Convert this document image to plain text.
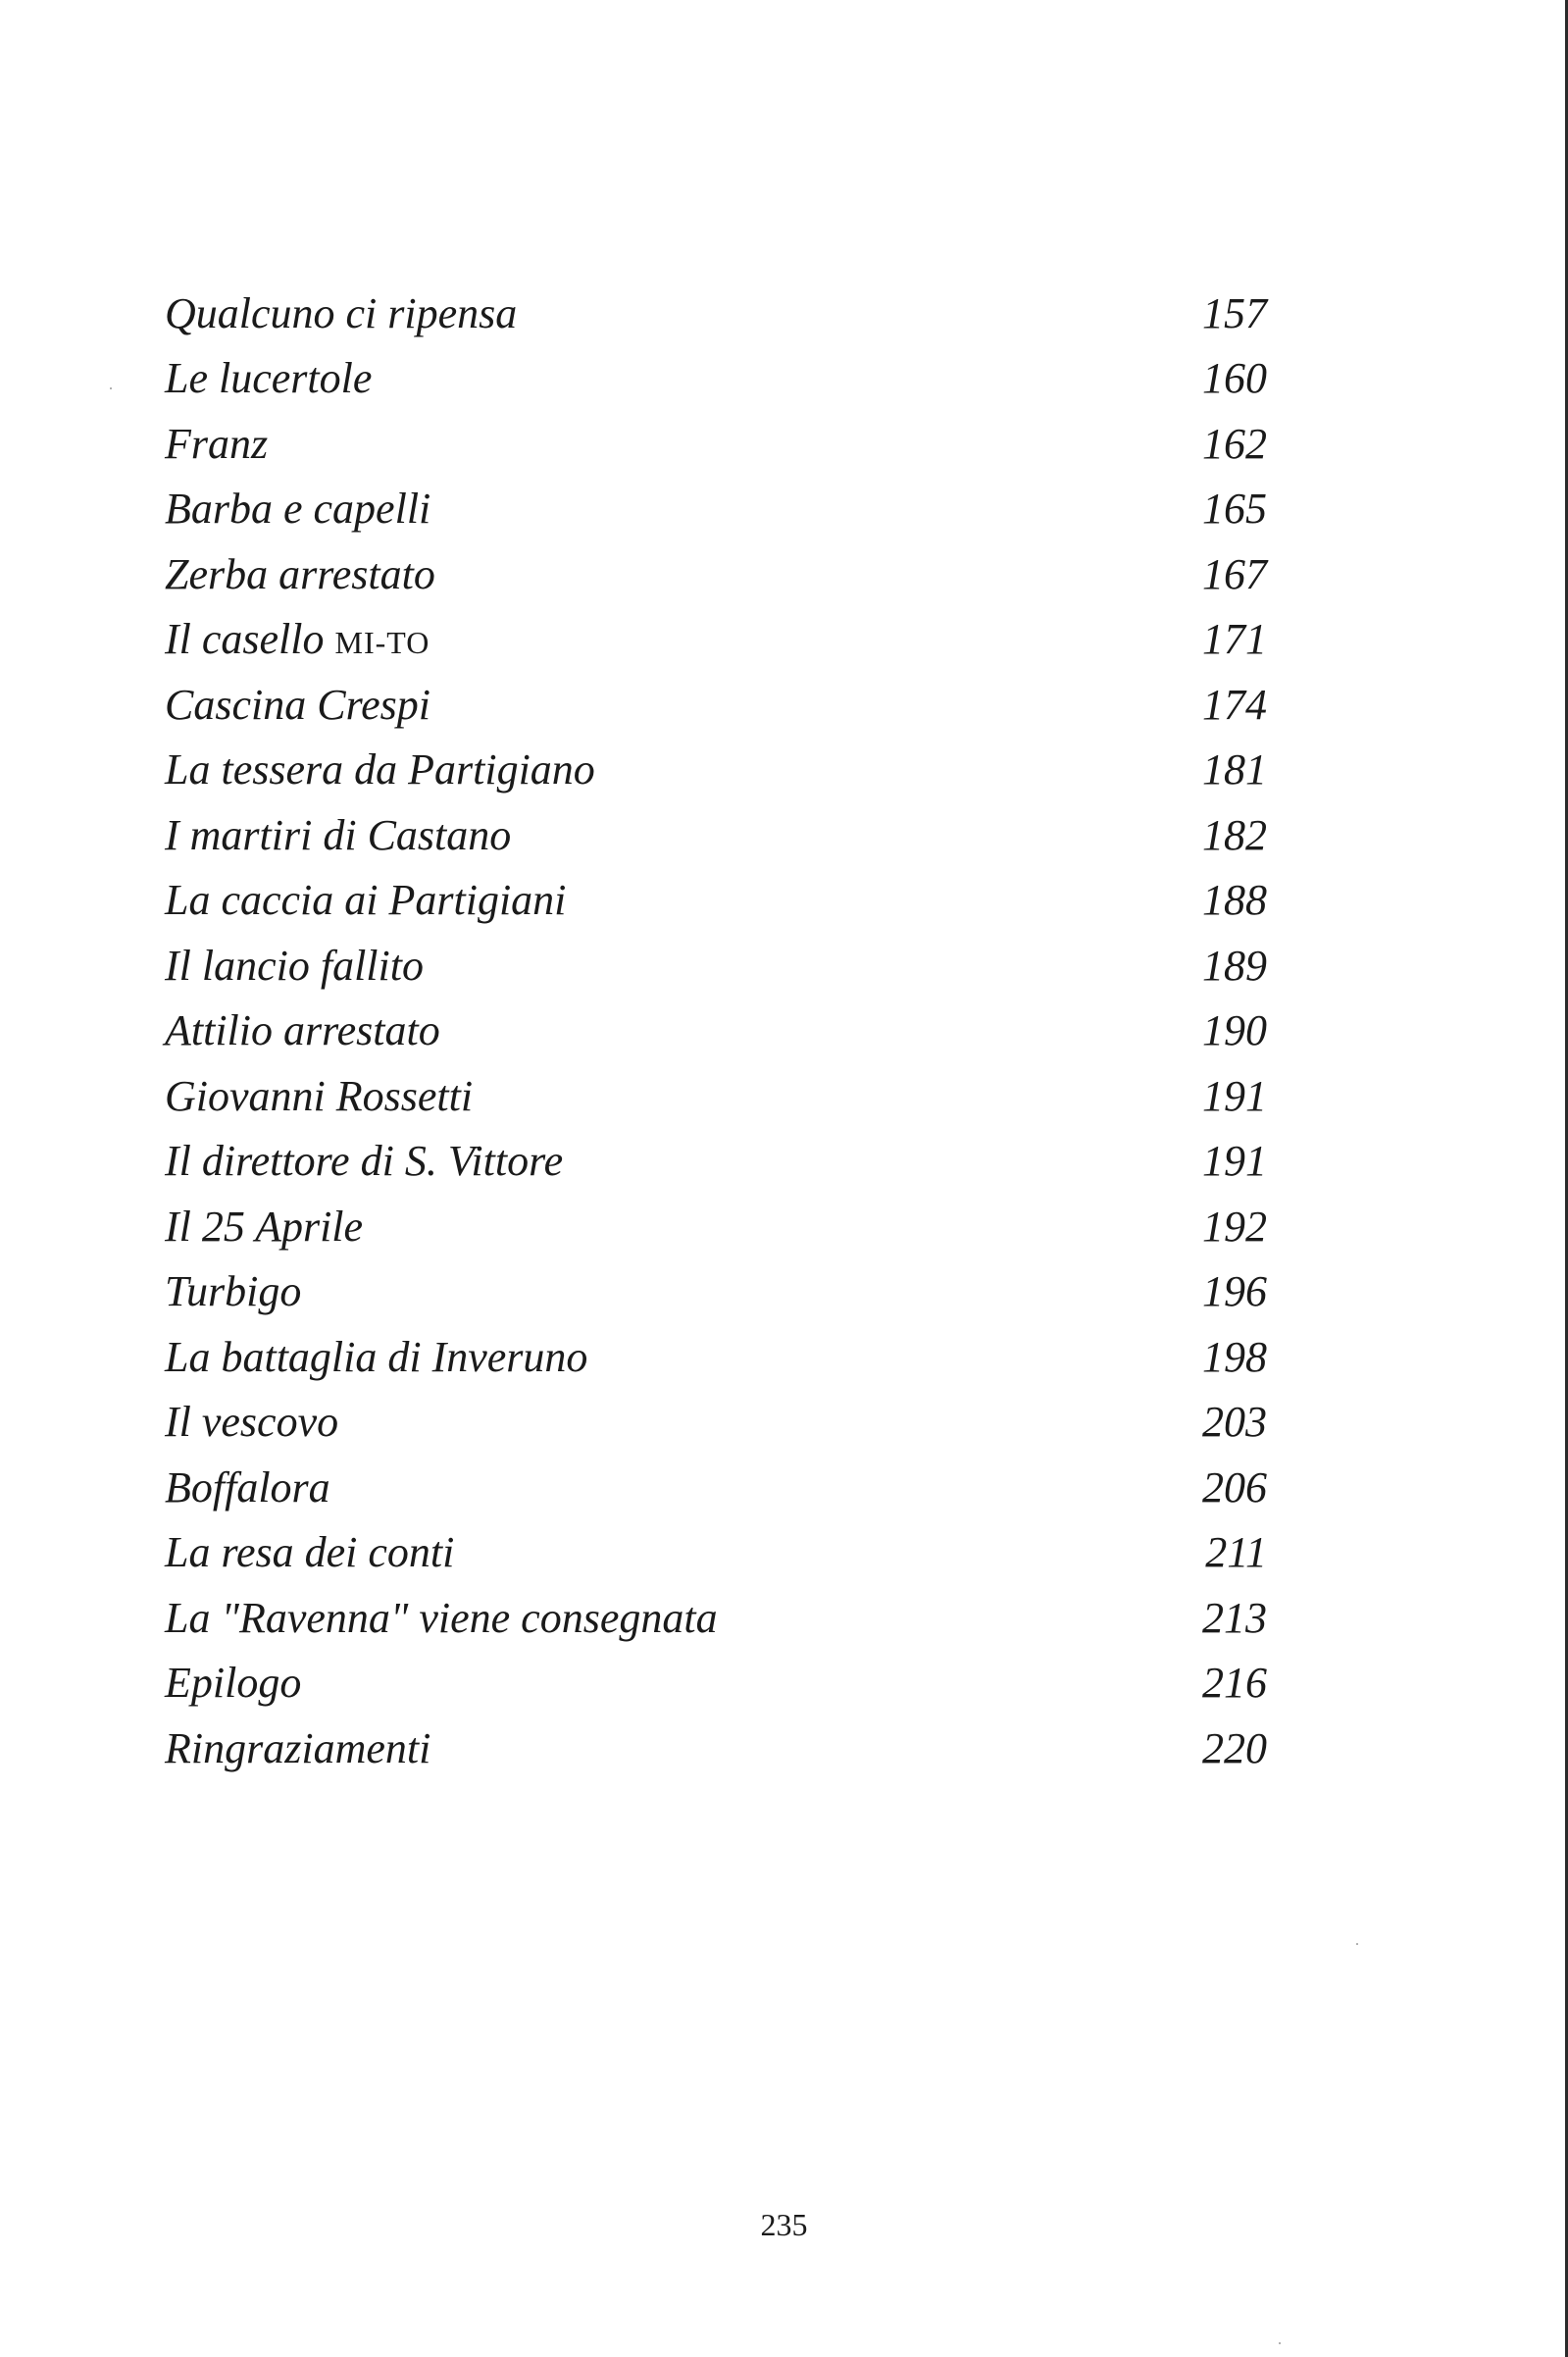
Qualcuno ci ripensa	157
Le lucertole	160
Franz	162
Barba e capelli	165
Zerba arrestato	167
Il casello MI-TO	171
Cascina Crespi	174
La tessera da Partigiano	181
I martiri di Castano	182
La caccia ai Partigiani	188
Il lancio fallito	189
Attilio arrestato	190
Giovanni Rossetti	191
Il direttore di S. Vittore	191
Il 25 Aprile	192
Turbigo	196
La battaglia di Inveruno	198
Il vescovo	203
Boffalora	206
La resa dei conti	211
La "Ravenna" viene consegnata	213
Epilogo	216
Ringraziamenti	220
235
